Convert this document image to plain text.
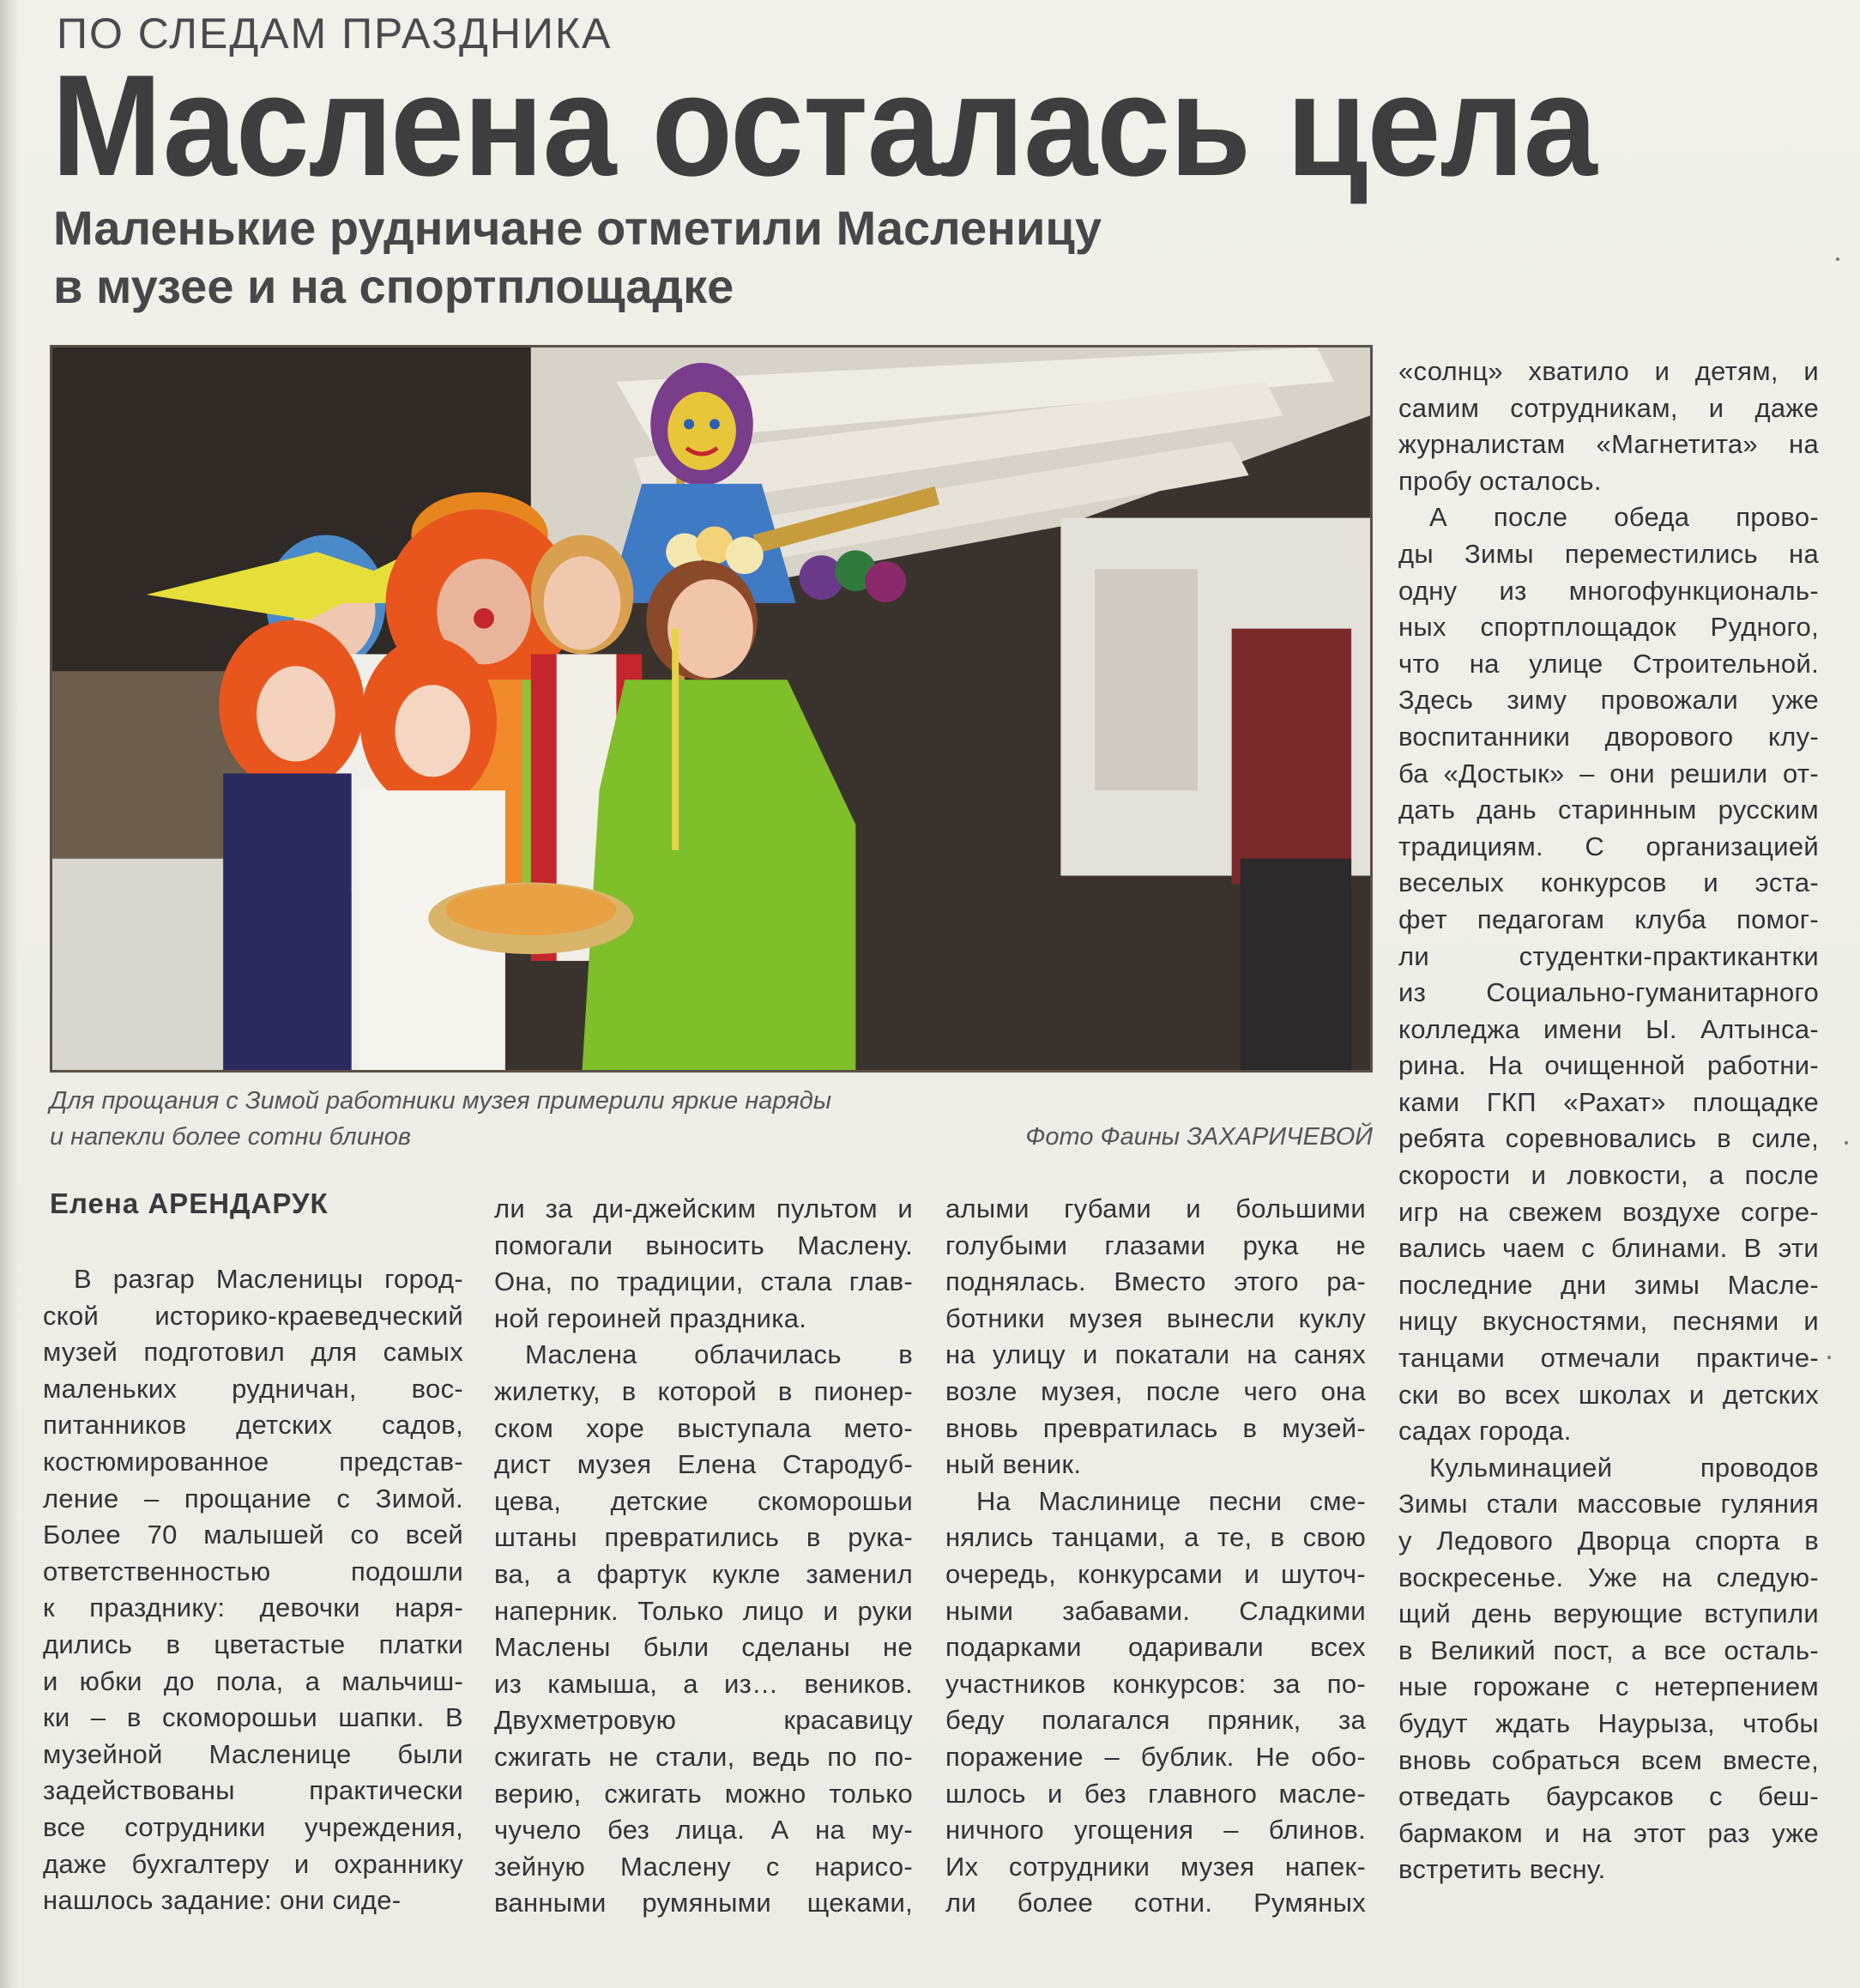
ПО СЛЕДАМ ПРАЗДНИКА
Маслена осталась цела
Маленькие рудничане отметили Масленицу
в музее и на спортплощадке
Для прощания с Зимой работники музея примерили яркие наряды
и напекли более сотни блинов	Фото Фаины ЗАХАРИЧЕВОЙ
Елена АРЕНДАРУК
В разгар Масленицы город-
ской историко-краеведческий
музей подготовил для самых
маленьких рудничан, вос-
питанников детских садов,
костюмированное представ-
ление – прощание с Зимой.
Более 70 малышей со всей
ответственностью подошли
к празднику: девочки наря-
дились в цветастые платки
и юбки до пола, а мальчиш-
ки – в скоморошьи шапки. В
музейной Масленице были
задействованы практически
все сотрудники учреждения,
даже бухгалтеру и охраннику
нашлось задание: они сиде-
ли за ди-джейским пультом и
помогали выносить Маслену.
Она, по традиции, стала глав-
ной героиней праздника.
Маслена облачилась в
жилетку, в которой в пионер-
ском хоре выступала мето-
дист музея Елена Стародуб-
цева, детские скоморошьи
штаны превратились в рука-
ва, а фартук кукле заменил
наперник. Только лицо и руки
Маслены были сделаны не
из камыша, а из… веников.
Двухметровую красавицу
сжигать не стали, ведь по по-
верию, сжигать можно только
чучело без лица. А на му-
зейную Маслену с нарисо-
ванными румяными щеками,
алыми губами и большими
голубыми глазами рука не
поднялась. Вместо этого ра-
ботники музея вынесли куклу
на улицу и покатали на санях
возле музея, после чего она
вновь превратилась в музей-
ный веник.
На Маслинице песни сме-
нялись танцами, а те, в свою
очередь, конкурсами и шуточ-
ными забавами. Сладкими
подарками одаривали всех
участников конкурсов: за по-
беду полагался пряник, за
поражение – бублик. Не обо-
шлось и без главного масле-
ничного угощения – блинов.
Их сотрудники музея напек-
ли более сотни. Румяных
«солнц» хватило и детям, и
самим сотрудникам, и даже
журналистам «Магнетита» на
пробу осталось.
А после обеда прово-
ды Зимы переместились на
одну из многофункциональ-
ных спортплощадок Рудного,
что на улице Строительной.
Здесь зиму провожали уже
воспитанники дворового клу-
ба «Достык» – они решили от-
дать дань старинным русским
традициям. С организацией
веселых конкурсов и эста-
фет педагогам клуба помог-
ли студентки-практикантки
из Социально-гуманитарного
колледжа имени Ы. Алтынса-
рина. На очищенной работни-
ками ГКП «Рахат» площадке
ребята соревновались в силе,
скорости и ловкости, а после
игр на свежем воздухе согре-
вались чаем с блинами. В эти
последние дни зимы Масле-
ницу вкусностями, песнями и
танцами отмечали практиче-
ски во всех школах и детских
садах города.
Кульминацией проводов
Зимы стали массовые гуляния
у Ледового Дворца спорта в
воскресенье. Уже на следую-
щий день верующие вступили
в Великий пост, а все осталь-
ные горожане с нетерпением
будут ждать Наурыза, чтобы
вновь собраться всем вместе,
отведать баурсаков с беш-
бармаком и на этот раз уже
встретить весну.
